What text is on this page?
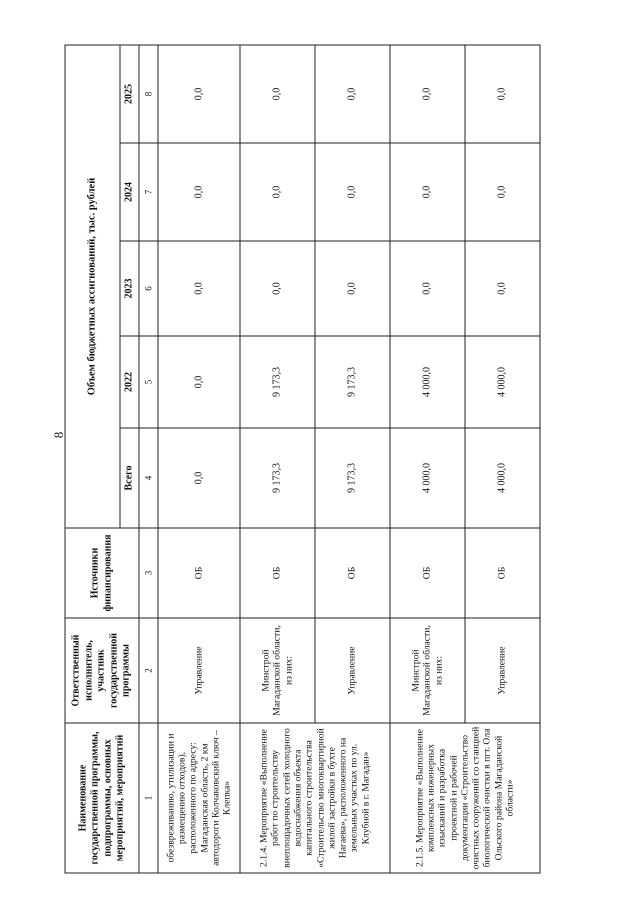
8
Наименование государственной программы, подпрограммы, основных мероприятий, мероприятий	Ответственный исполнитель, участник государственной программы	Источники финансирования	Объем бюджетных ассигнований, тыс. рублей				
			Всего	2022	2023	2024	2025
1	2	3	4	5	6	7	8
обезвреживанию, утилизации и размещению отходов), расположенного по адресу: Магаданская область, 2 км автодороги Колчаковский ключ – Клепка»	Управление	ОБ	0,0	0,0	0,0	0,0	0,0
2.1.4. Мероприятие «Выполнение работ по строительству внеплощадочных сетей холодного водоснабжения объекта капитального строительства «Строительство многоквартирной жилой застройки в бухте Нагаева», расположенного на земельных участках по ул. Клубной в г. Магадан»	Минстрой Магаданской области, из них:	ОБ	9 173,3	9 173,3	0,0	0,0	0,0
	Управление	ОБ	9 173,3	9 173,3	0,0	0,0	0,0
2.1.5. Мероприятие «Выполнение комплексных инженерных изысканий и разработка проектной и рабочей документации «Строительство очистных сооружений со станцией биологической очистки в пгт. Ола Ольского района Магаданской области»	Минстрой Магаданской области, из них:	ОБ	4 000,0	4 000,0	0,0	0,0	0,0
	Управление	ОБ	4 000,0	4 000,0	0,0	0,0	0,0
